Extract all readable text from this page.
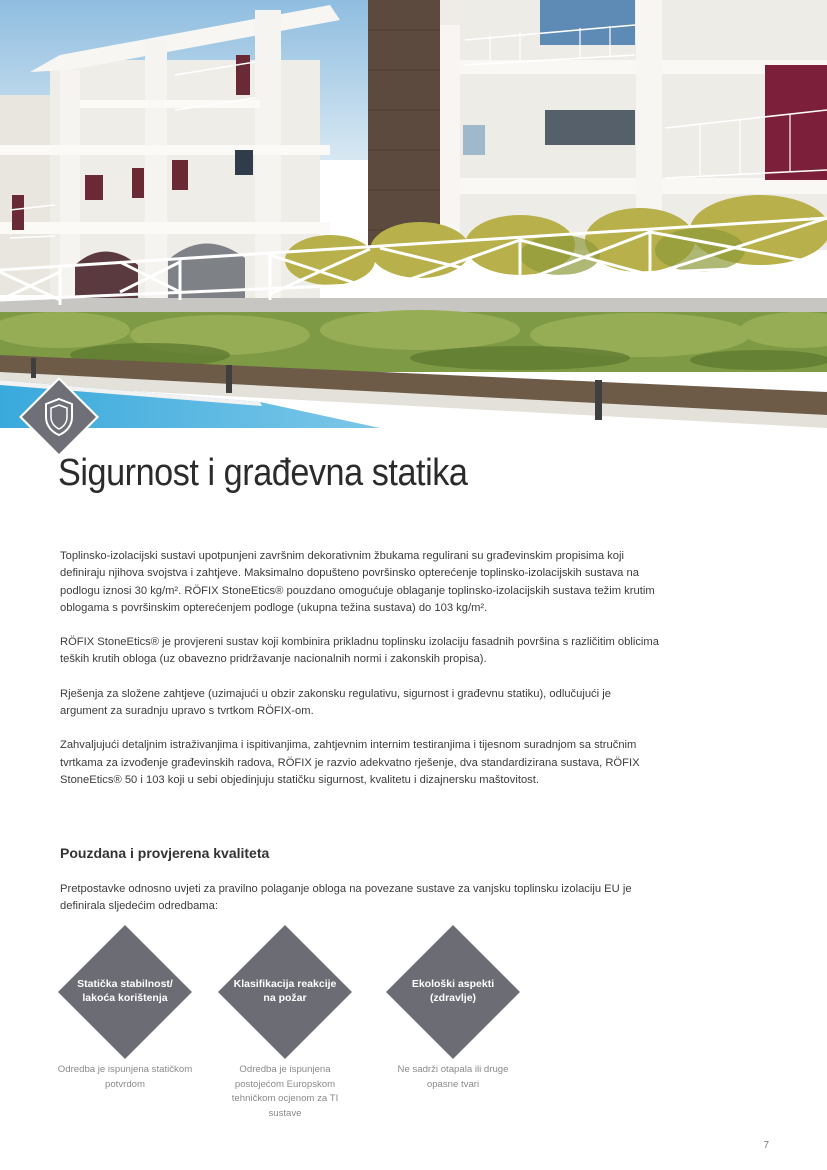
Sigurnost i građevna statika

Toplinsko-izolacijski sustavi upotpunjeni završnim dekorativnim žbukama regulirani su građevinskim propisima koji definiraju njihova svojstva i zahtjeve. Maksimalno dopušteno površinsko opterećenje toplinsko-izolacijskih sustava na podlogu iznosi 30 kg/m². RÖFIX StoneEtics® pouzdano omogućuje oblaganje toplinsko-izolacijskih sustava težim krutim oblogama s površinskim opterećenjem podloge (ukupna težina sustava) do 103 kg/m².

RÖFIX StoneEtics® je provjereni sustav koji kombinira prikladnu toplinsku izolaciju fasadnih površina s različitim oblicima teških krutih obloga (uz obavezno pridržavanje nacionalnih normi i zakonskih propisa).

Rješenja za složene zahtjeve (uzimajući u obzir zakonsku regulativu, sigurnost i građevnu statiku), odlučujući je argument za suradnju upravo s tvrtkom RÖFIX-om.

Zahvaljujući detaljnim istraživanjima i ispitivanjima, zahtjevnim internim testiranjima i tijesnom suradnjom sa stručnim tvrtkama za izvođenje građevinskih radova, RÖFIX je razvio adekvatno rješenje, dva standardizirana sustava, RÖFIX StoneEtics® 50 i 103 koji u sebi objedinjuju statičku sigurnost, kvalitetu i dizajnersku maštovitost.

Pouzdana i provjerena kvaliteta
Pretpostavke odnosno uvjeti za pravilno polaganje obloga na povezane sustave za vanjsku toplinsku izolaciju EU je definirala sljedećim odredbama:
Statička stabilnost/ lakoća korištenja
Odredba je ispunjena statičkom potvrdom
Klasifikacija reakcije na požar
Odredba je ispunjena postojećom Europskom tehničkom ocjenom za TI sustave
Ekološki aspekti (zdravlje)
Ne sadrži otapala ili druge opasne tvari
7
